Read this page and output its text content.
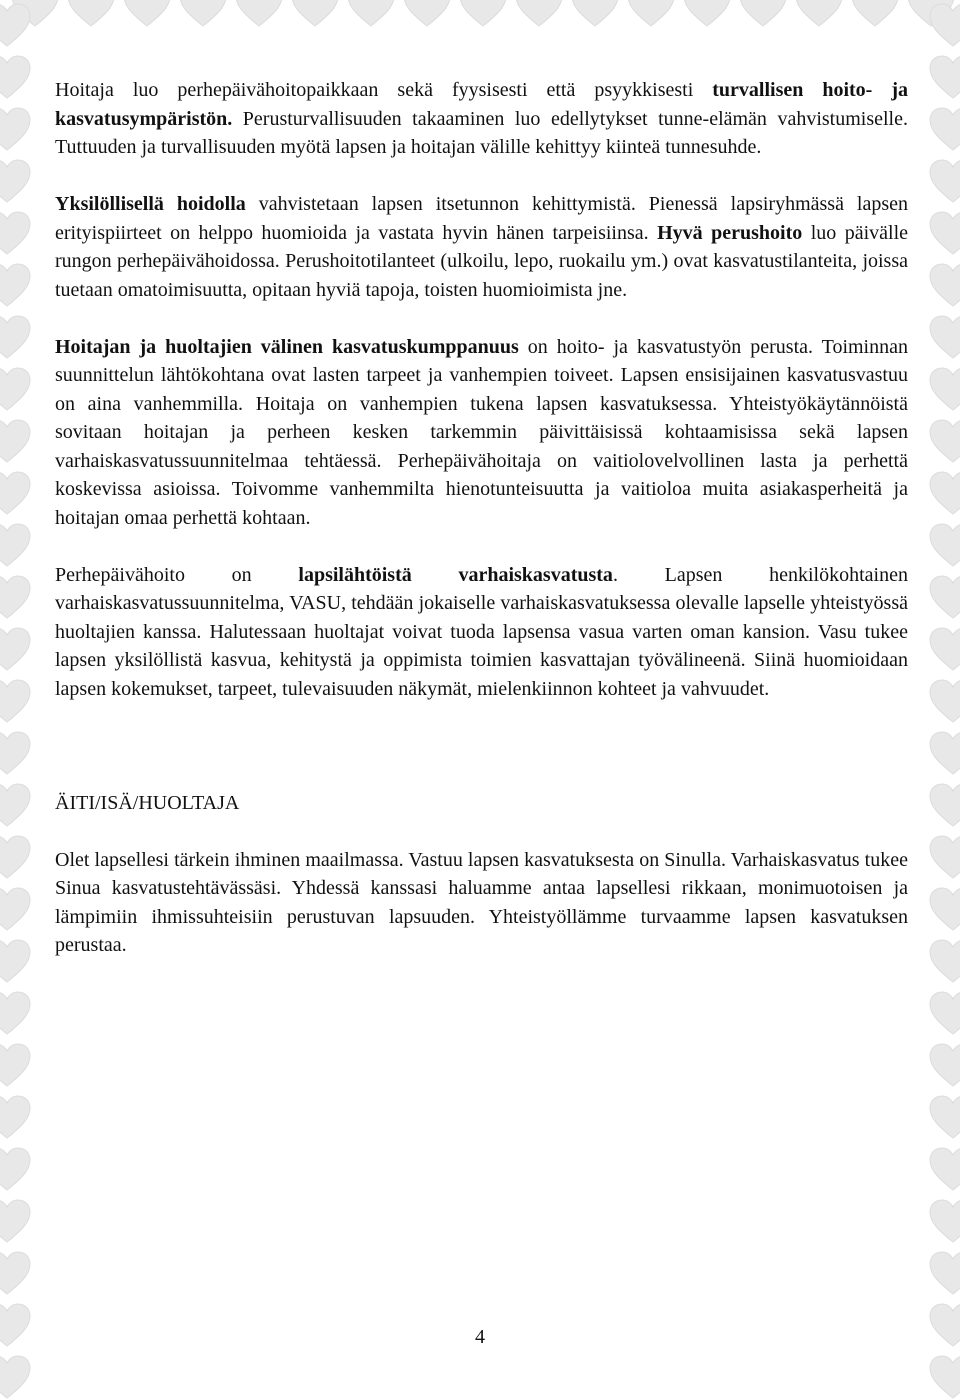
Hoitaja luo perhepäivähoitopaikkaan sekä fyysisesti että psyykkisesti turvallisen hoito- ja kasvatusympäristön. Perusturvallisuuden takaaminen luo edellytykset tunne-elämän vahvistumiselle. Tuttuuden ja turvallisuuden myötä lapsen ja hoitajan välille kehittyy kiinteä tunnesuhde.

Yksilöllisellä hoidolla vahvistetaan lapsen itsetunnon kehittymistä. Pienessä lapsiryhmässä lapsen erityispiirteet on helppo huomioida ja vastata hyvin hänen tarpeisiinsa. Hyvä perushoito luo päivälle rungon perhepäivähoidossa. Perushoitotilanteet (ulkoilu, lepo, ruokailu ym.) ovat kasvatustilanteita, joissa tuetaan omatoimisuutta, opitaan hyviä tapoja, toisten huomioimista jne.

Hoitajan ja huoltajien välinen kasvatuskumppanuus on hoito- ja kasvatustyön perusta. Toiminnan suunnittelun lähtökohtana ovat lasten tarpeet ja vanhempien toiveet. Lapsen ensisijainen kasvatusvastuu on aina vanhemmilla. Hoitaja on vanhempien tukena lapsen kasvatuksessa. Yhteistyökäytännöistä sovitaan hoitajan ja perheen kesken tarkemmin päivittäisissä kohtaamisissa sekä lapsen varhaiskasvatussuunnitelmaa tehtäessä. Perhepäivähoitaja on vaitiolovelvollinen lasta ja perhettä koskevissa asioissa. Toivomme vanhemmilta hienotunteisuutta ja vaitioloa muita asiakasperheitä ja hoitajan omaa perhettä kohtaan.

Perhepäivähoito on lapsilähtöistä varhaiskasvatusta. Lapsen henkilökohtainen varhaiskasvatussuunnitelma, VASU, tehdään jokaiselle varhaiskasvatuksessa olevalle lapselle yhteistyössä huoltajien kanssa. Halutessaan huoltajat voivat tuoda lapsensa vasua varten oman kansion. Vasu tukee lapsen yksilöllistä kasvua, kehitystä ja oppimista toimien kasvattajan työvälineenä. Siinä huomioidaan lapsen kokemukset, tarpeet, tulevaisuuden näkymät, mielenkiinnon kohteet ja vahvuudet.

ÄITI/ISÄ/HUOLTAJA

Olet lapsellesi tärkein ihminen maailmassa. Vastuu lapsen kasvatuksesta on Sinulla. Varhaiskasvatus tukee Sinua kasvatustehtävässäsi. Yhdessä kanssasi haluamme antaa lapsellesi rikkaan, monimuotoisen ja lämpimiin ihmissuhteisiin perustuvan lapsuuden. Yhteistyöllämme turvaamme lapsen kasvatuksen perustaa.

4
